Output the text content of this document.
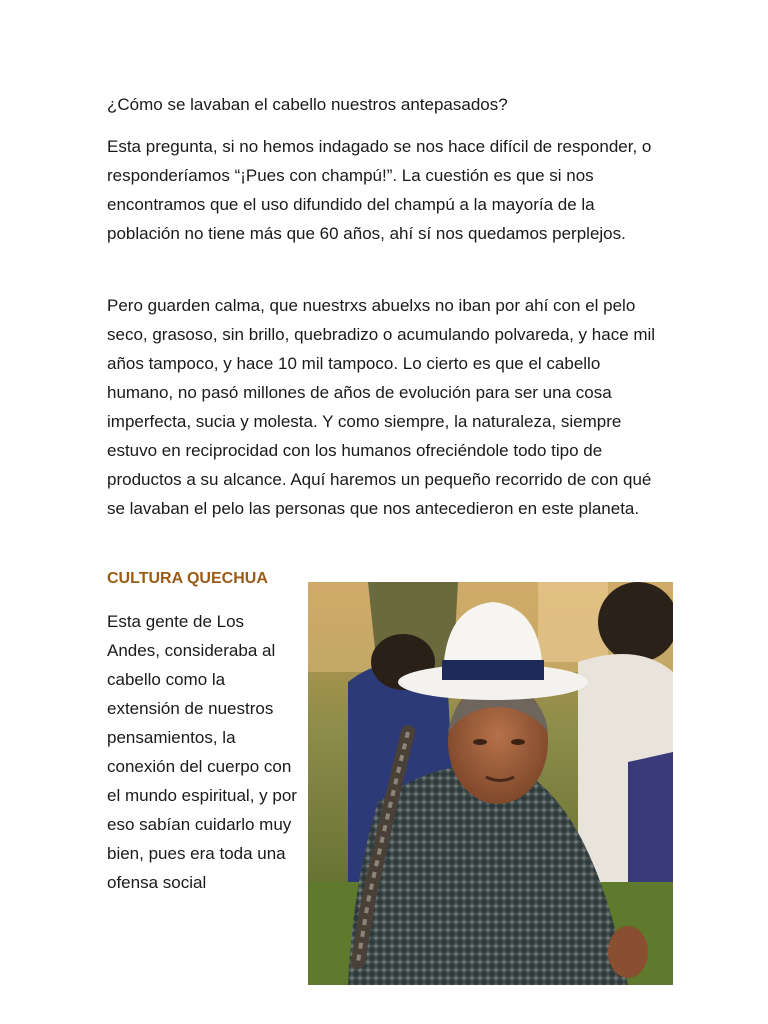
¿Cómo se lavaban el cabello nuestros antepasados?

Esta pregunta, si no hemos indagado se nos hace difícil de responder, o responderíamos “¡Pues con champú!”. La cuestión es que si nos encontramos que el uso difundido del champú a la mayoría de la población no tiene más que 60 años, ahí sí nos quedamos perplejos.

Pero guarden calma, que nuestrxs abuelxs no iban por ahí con el pelo seco, grasoso, sin brillo, quebradizo o acumulando polvareda, y hace mil años tampoco, y hace 10 mil tampoco. Lo cierto es que el cabello humano, no pasó millones de años de evolución para ser una cosa imperfecta, sucia y molesta. Y como siempre, la naturaleza, siempre estuvo en reciprocidad con los humanos ofreciéndole todo tipo de productos a su alcance. Aquí haremos un pequeño recorrido de con qué se lavaban el pelo las personas que nos antecedieron en este planeta.

CULTURA QUECHUA

Esta gente de Los Andes, consideraba al cabello como la extensión de nuestros pensamientos, la conexión del cuerpo con el mundo espiritual, y por eso sabían cuidarlo muy bien, pues era toda una ofensa social
